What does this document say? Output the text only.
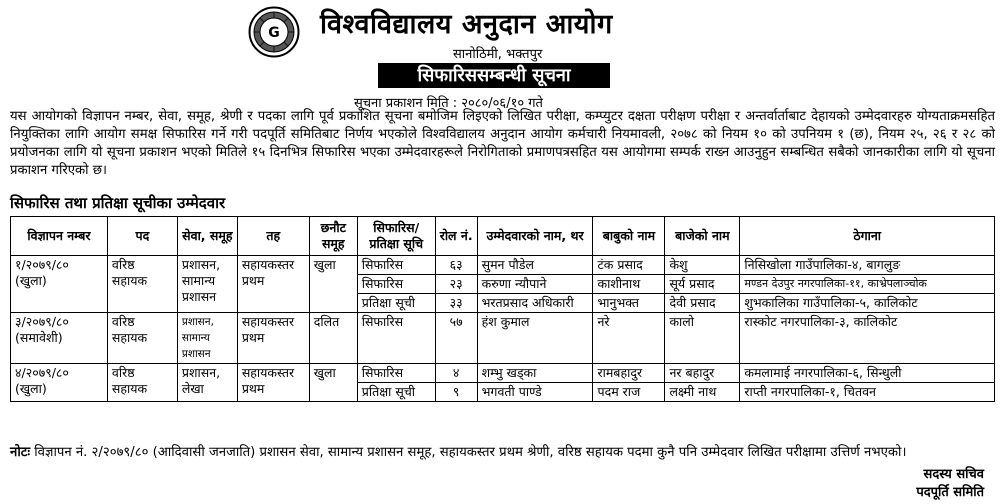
G विश्वविद्यालय अनुदान आयोग
सानोठिमी, भक्तपुर
सिफारिससम्बन्धी सूचना
सूचना प्रकाशन मिति : २०८०/०६/१० गते
यस आयोगको विज्ञापन नम्बर, सेवा, समूह, श्रेणी र पदका लागि पूर्व प्रकाशित सूचना बमोजिम लिइएको लिखित परीक्षा, कम्प्युटर दक्षता परीक्षण परीक्षा र अन्तर्वार्ताबाट देहायको उम्मेदवारहरु योग्यताक्रमसहित नियुक्तिका लागि आयोग समक्ष सिफारिस गर्ने गरी पदपूर्ति समितिबाट निर्णय भएकोले विश्वविद्यालय अनुदान आयोग कर्मचारी नियमावली, २०७८ को नियम १० को उपनियम १ (छ), नियम २५, २६ र २८ को प्रयोजनका लागि यो सूचना प्रकाशन भएको मितिले १५ दिनभित्र सिफारिस भएका उम्मेदवारहरूले निरोगिताको प्रमाणपत्रसहित यस आयोगमा सम्पर्क राख्न आउनुहुन सम्बन्धित सबैको जानकारीका लागि यो सूचना प्रकाशन गरिएको छ।
सिफारिस तथा प्रतिक्षा सूचीका उम्मेदवार
विज्ञापन नम्बर	पद	सेवा, समूह	तह	छनौट समूह	सिफारिस/ प्रतिक्षा सूचि	रोल नं.	उम्मेदवारको नाम, थर	बाबुको नाम	बाजेको नाम	ठेगाना
१/२०७९/८०
(खुला)	वरिष्ठ सहायक	प्रशासन, सामान्य प्रशासन	सहायकस्तर प्रथम	खुला	सिफारिस	६३	सुमन पौडेल	टंक प्रसाद	केशु	निसिखोला गाउँपालिका-४, बागलुङ
					सिफारिस	२३	करुणा न्यौपाने	काशीनाथ	सूर्य प्रसाद	मण्डन देउपुर नगरपालिका-११, काभ्रेपलाञ्चोक
					प्रतिक्षा सूची	३३	भरतप्रसाद अधिकारी	भानुभक्त	देवी प्रसाद	शुभकालिका गाउँपालिका-५, कालिकोट
३/२०७९/८०
(समावेशी)	वरिष्ठ सहायक	प्रशासन, सामान्य प्रशासन	सहायकस्तर प्रथम	दलित	सिफारिस	५७	हंश कुमाल	नरे	कालो	रास्कोट नगरपालिका-३, कालिकोट
४/२०७९/८०
(खुला)	वरिष्ठ सहायक	प्रशासन, लेखा	सहायकस्तर प्रथम	खुला	सिफारिस	४	शम्भु खड्का	रामबहादुर	नर बहादुर	कमलामाई नगरपालिका-६, सिन्धुली
					प्रतिक्षा सूची	९	भगवती पाण्डे	पदम राज	लक्ष्मी नाथ	राप्ती नगरपालिका-१, चितवन
नोटः विज्ञापन नं. २/२०७९/८० (आदिवासी जनजाति) प्रशासन सेवा, सामान्य प्रशासन समूह, सहायकस्तर प्रथम श्रेणी, वरिष्ठ सहायक पदमा कुनै पनि उम्मेदवार लिखित परीक्षामा उत्तिर्ण नभएको।
सदस्य सचिव
पदपूर्ति समिति
